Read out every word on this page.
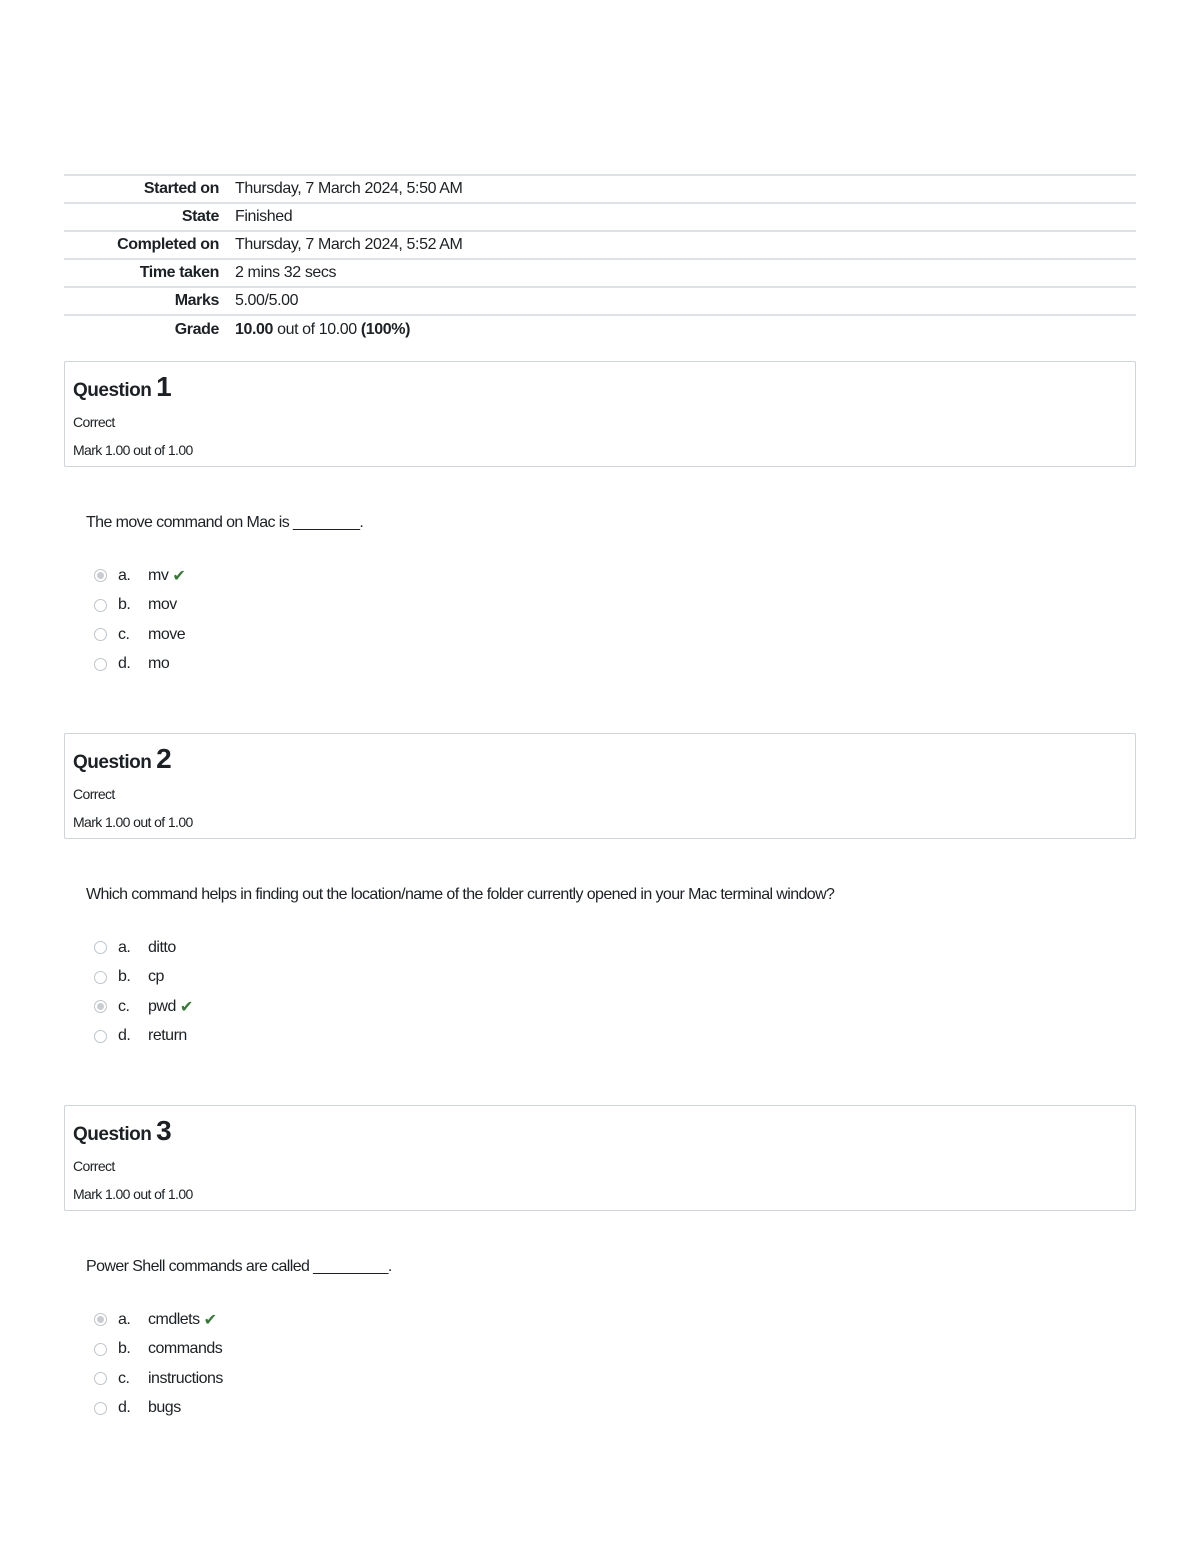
Started on	Thursday, 7 March 2024, 5:50 AM
State	Finished
Completed on	Thursday, 7 March 2024, 5:52 AM
Time taken	2 mins 32 secs
Marks	5.00/5.00
Grade	10.00 out of 10.00 (100%)
Question 1
Correct
Mark 1.00 out of 1.00
The move command on Mac is ________.
a.	mv ✔
b.	mov
c.	move
d.	mo
Question 2
Correct
Mark 1.00 out of 1.00
Which command helps in finding out the location/name of the folder currently opened in your Mac terminal window?
a.	ditto
b.	cp
c.	pwd ✔
d.	return
Question 3
Correct
Mark 1.00 out of 1.00
Power Shell commands are called _________.
a.	cmdlets ✔
b.	commands
c.	instructions
d.	bugs
